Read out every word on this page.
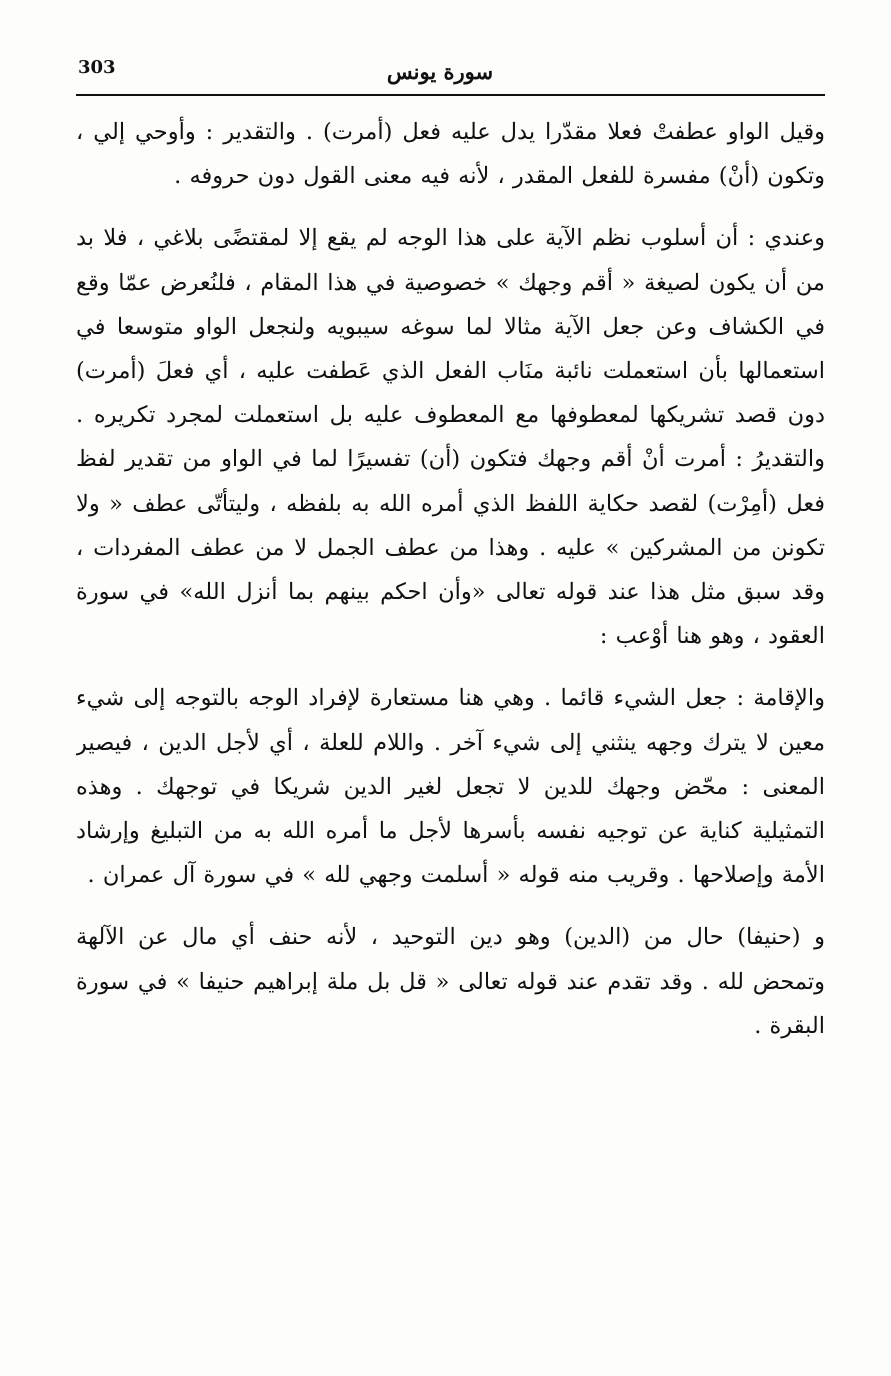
303	سورة يونس

وقيل الواو عطفتْ فعلا مقدّرا يدل عليه فعل (أمرت) . والتقدير : وأوحي إلي ، وتكون (أنْ) مفسرة للفعل المقدر ، لأنه فيه معنى القول دون حروفه .

وعندي : أن أسلوب نظم الآية على هذا الوجه لم يقع إلا لمقتضًى بلاغي ، فلا بد من أن يكون لصيغة « أقم وجهك » خصوصية في هذا المقام ، فلنُعرض عمّا وقع في الكشاف وعن جعل الآية مثالا لما سوغه سيبويه ولنجعل الواو متوسعا في استعمالها بأن استعملت نائبة منَاب الفعل الذي عَطفت عليه ، أي فعلَ (أمرت) دون قصد تشريكها لمعطوفها مع المعطوف عليه بل استعملت لمجرد تكريره . والتقديرُ : أمرت أنْ أقم وجهك فتكون (أن) تفسيرًا لما في الواو من تقدير لفظ فعل (أمِرْت) لقصد حكاية اللفظ الذي أمره الله به بلفظه ، وليتأتّى عطف « ولا تكونن من المشركين » عليه . وهذا من عطف الجمل لا من عطف المفردات ، وقد سبق مثل هذا عند قوله تعالى «وأن احكم بينهم بما أنزل الله» في سورة العقود ، وهو هنا أوْعب :

والإقامة : جعل الشيء قائما . وهي هنا مستعارة لإفراد الوجه بالتوجه إلى شيء معين لا يترك وجهه ينثني إلى شيء آخر . واللام للعلة ، أي لأجل الدين ، فيصير المعنى : محّض وجهك للدين لا تجعل لغير الدين شريكا في توجهك . وهذه التمثيلية كناية عن توجيه نفسه بأسرها لأجل ما أمره الله به من التبليغ وإرشاد الأمة وإصلاحها . وقريب منه قوله « أسلمت وجهي لله » في سورة آل عمران .

و (حنيفا) حال من (الدين) وهو دين التوحيد ، لأنه حنف أي مال عن الآلهة وتمحض لله . وقد تقدم عند قوله تعالى « قل بل ملة إبراهيم حنيفا » في سورة البقرة .
